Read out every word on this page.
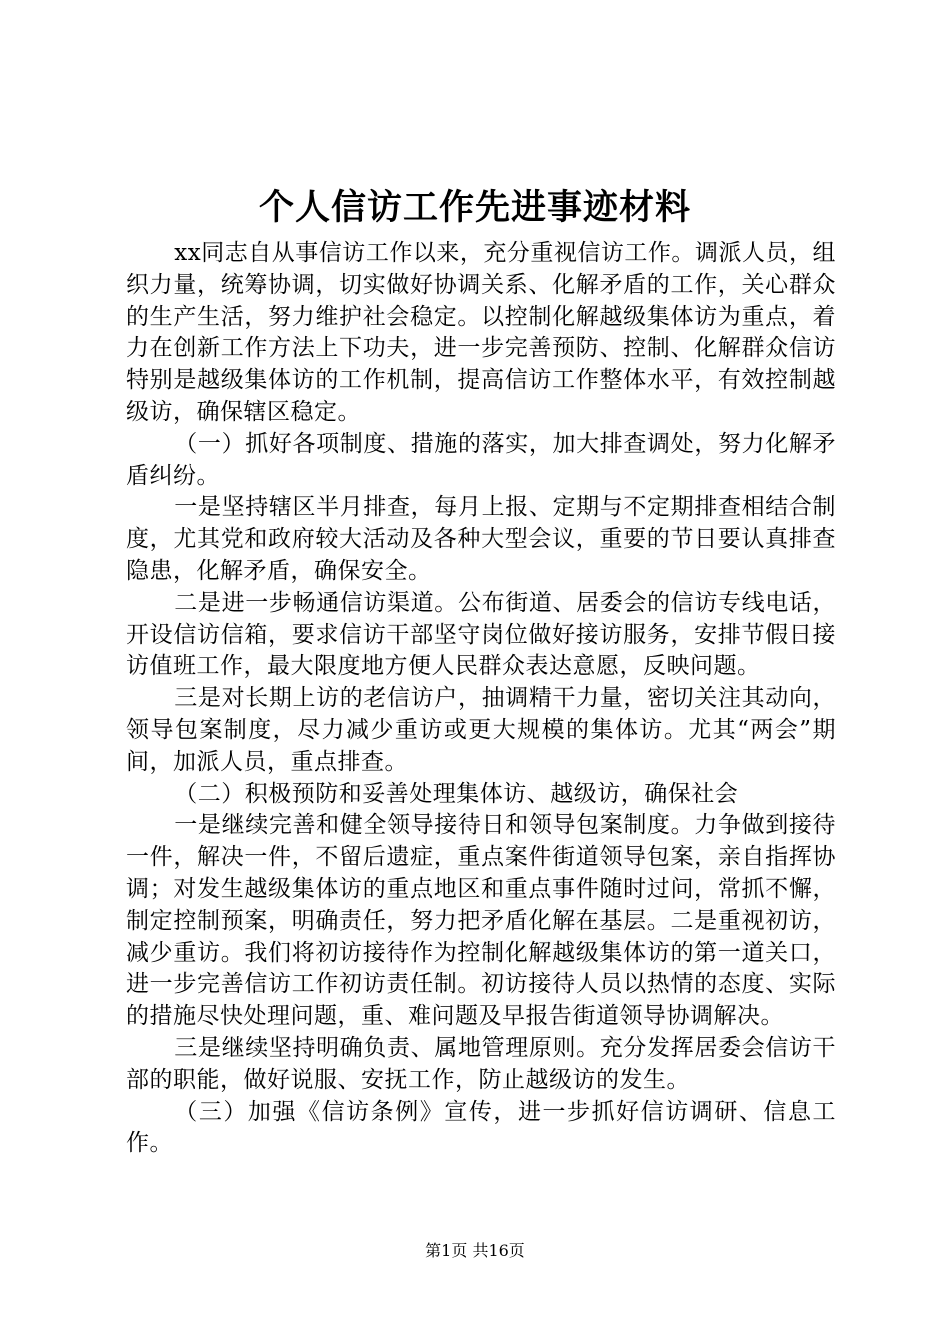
个人信访工作先进事迹材料

xx同志自从事信访工作以来，充分重视信访工作。调派人员，组织力量，统筹协调，切实做好协调关系、化解矛盾的工作，关心群众的生产生活，努力维护社会稳定。以控制化解越级集体访为重点，着力在创新工作方法上下功夫，进一步完善预防、控制、化解群众信访特别是越级集体访的工作机制，提高信访工作整体水平，有效控制越级访，确保辖区稳定。

（一）抓好各项制度、措施的落实，加大排查调处，努力化解矛盾纠纷。

一是坚持辖区半月排查，每月上报、定期与不定期排查相结合制度，尤其党和政府较大活动及各种大型会议，重要的节日要认真排查隐患，化解矛盾，确保安全。

二是进一步畅通信访渠道。公布街道、居委会的信访专线电话，开设信访信箱，要求信访干部坚守岗位做好接访服务，安排节假日接访值班工作，最大限度地方便人民群众表达意愿，反映问题。

三是对长期上访的老信访户，抽调精干力量，密切关注其动向，领导包案制度，尽力减少重访或更大规模的集体访。尤其“两会”期间，加派人员，重点排查。

（二）积极预防和妥善处理集体访、越级访，确保社会

一是继续完善和健全领导接待日和领导包案制度。力争做到接待一件，解决一件，不留后遗症，重点案件街道领导包案，亲自指挥协调；对发生越级集体访的重点地区和重点事件随时过问，常抓不懈，制定控制预案，明确责任，努力把矛盾化解在基层。二是重视初访，减少重访。我们将初访接待作为控制化解越级集体访的第一道关口，进一步完善信访工作初访责任制。初访接待人员以热情的态度、实际的措施尽快处理问题，重、难问题及早报告街道领导协调解决。

三是继续坚持明确负责、属地管理原则。充分发挥居委会信访干部的职能，做好说服、安抚工作，防止越级访的发生。

（三）加强《信访条例》宣传，进一步抓好信访调研、信息工作。

第1页 共16页
